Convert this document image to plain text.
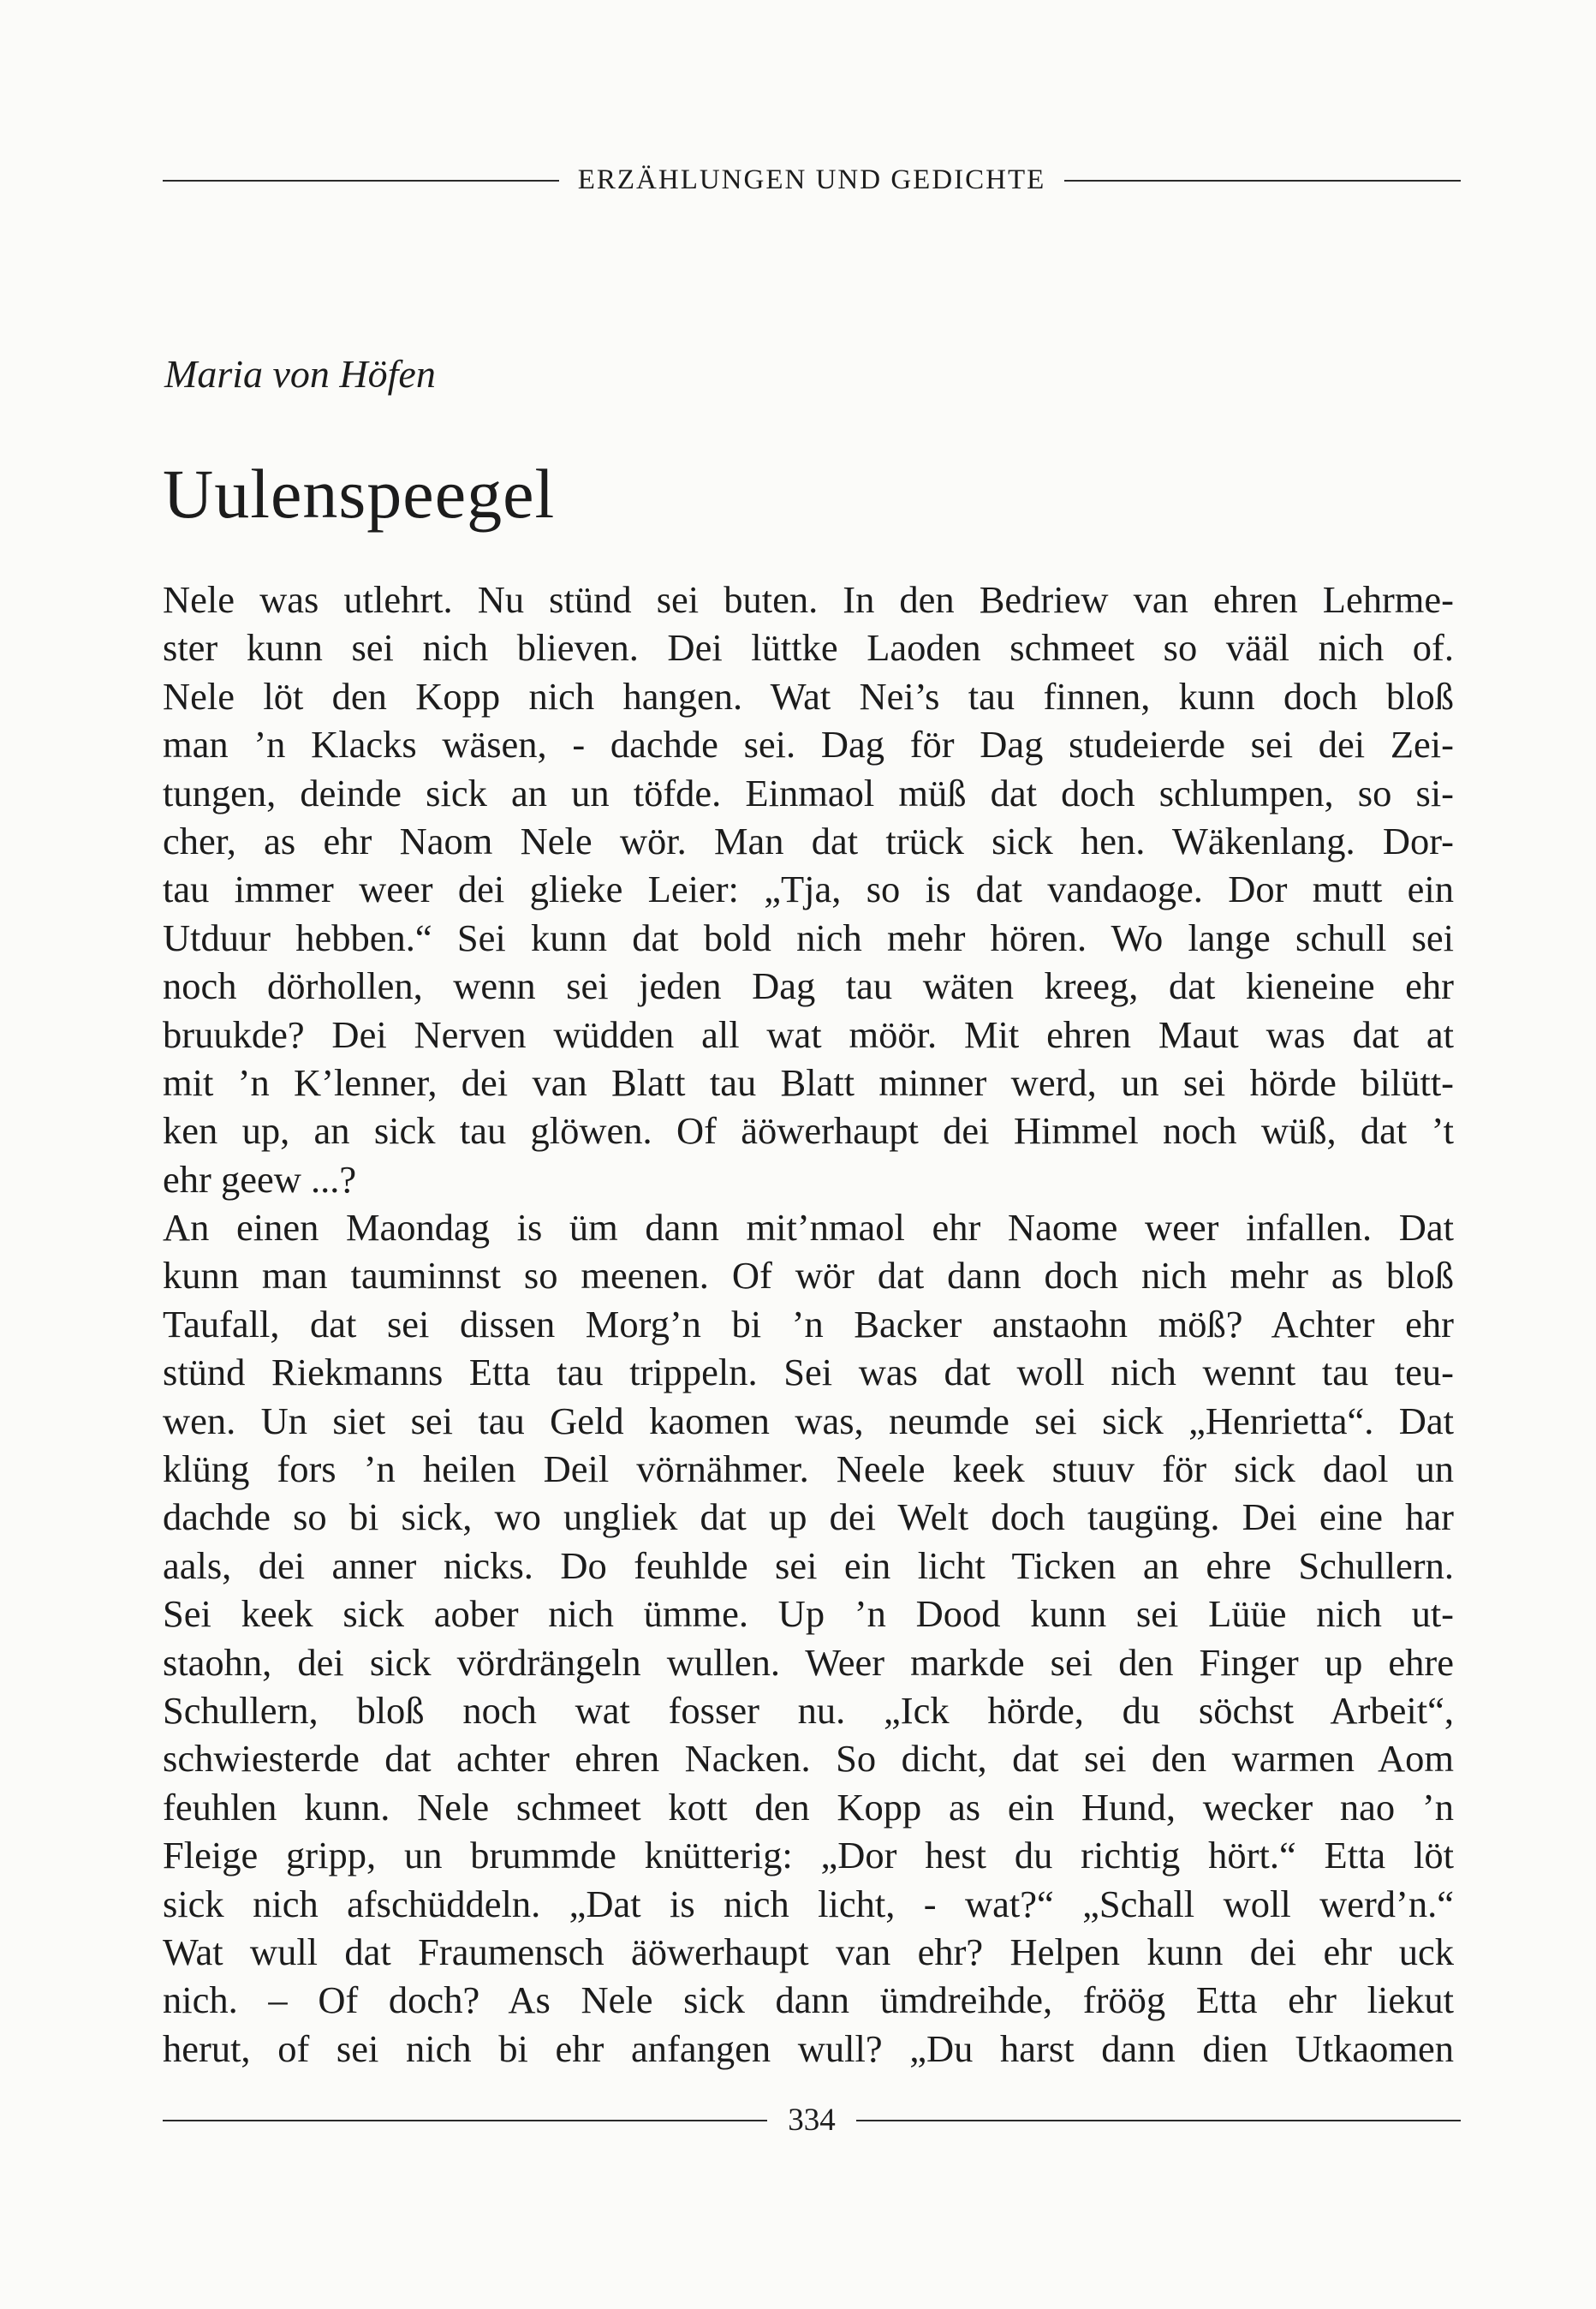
ERZÄHLUNGEN UND GEDICHTE
Maria von Höfen
Uulenspeegel
Nele was utlehrt. Nu stünd sei buten. In den Bedriew van ehren Lehrme-
ster kunn sei nich blieven. Dei lüttke Laoden schmeet so vääl nich of.
Nele löt den Kopp nich hangen. Wat Nei’s tau finnen, kunn doch bloß
man ’n Klacks wäsen, - dachde sei. Dag för Dag studeierde sei dei Zei-
tungen, deinde sick an un töfde. Einmaol müß dat doch schlumpen, so si-
cher, as ehr Naom Nele wör. Man dat trück sick hen. Wäkenlang. Dor-
tau immer weer dei glieke Leier: „Tja, so is dat vandaoge. Dor mutt ein
Utduur hebben.“ Sei kunn dat bold nich mehr hören. Wo lange schull sei
noch dörhollen, wenn sei jeden Dag tau wäten kreeg, dat kieneine ehr
bruukde? Dei Nerven wüdden all wat möör. Mit ehren Maut was dat at
mit ’n K’lenner, dei van Blatt tau Blatt minner werd, un sei hörde bilütt-
ken up, an sick tau glöwen. Of äöwerhaupt dei Himmel noch wüß, dat ’t
ehr geew ...?
An einen Maondag is üm dann mit’nmaol ehr Naome weer infallen. Dat
kunn man tauminnst so meenen. Of wör dat dann doch nich mehr as bloß
Taufall, dat sei dissen Morg’n bi ’n Backer anstaohn möß? Achter ehr
stünd Riekmanns Etta tau trippeln. Sei was dat woll nich wennt tau teu-
wen. Un siet sei tau Geld kaomen was, neumde sei sick „Henrietta“. Dat
klüng fors ’n heilen Deil vörnähmer. Neele keek stuuv för sick daol un
dachde so bi sick, wo ungliek dat up dei Welt doch taugüng. Dei eine har
aals, dei anner nicks. Do feuhlde sei ein licht Ticken an ehre Schullern.
Sei keek sick aober nich ümme. Up ’n Dood kunn sei Lüüe nich ut-
staohn, dei sick vördrängeln wullen. Weer markde sei den Finger up ehre
Schullern, bloß noch wat fosser nu. „Ick hörde, du söchst Arbeit“,
schwiesterde dat achter ehren Nacken. So dicht, dat sei den warmen Aom
feuhlen kunn. Nele schmeet kott den Kopp as ein Hund, wecker nao ’n
Fleige gripp, un brummde knütterig: „Dor hest du richtig hört.“ Etta löt
sick nich afschüddeln. „Dat is nich licht, - wat?“ „Schall woll werd’n.“
Wat wull dat Fraumensch äöwerhaupt van ehr? Helpen kunn dei ehr uck
nich. – Of doch? As Nele sick dann ümdreihde, fröög Etta ehr liekut
herut, of sei nich bi ehr anfangen wull? „Du harst dann dien Utkaomen
334
